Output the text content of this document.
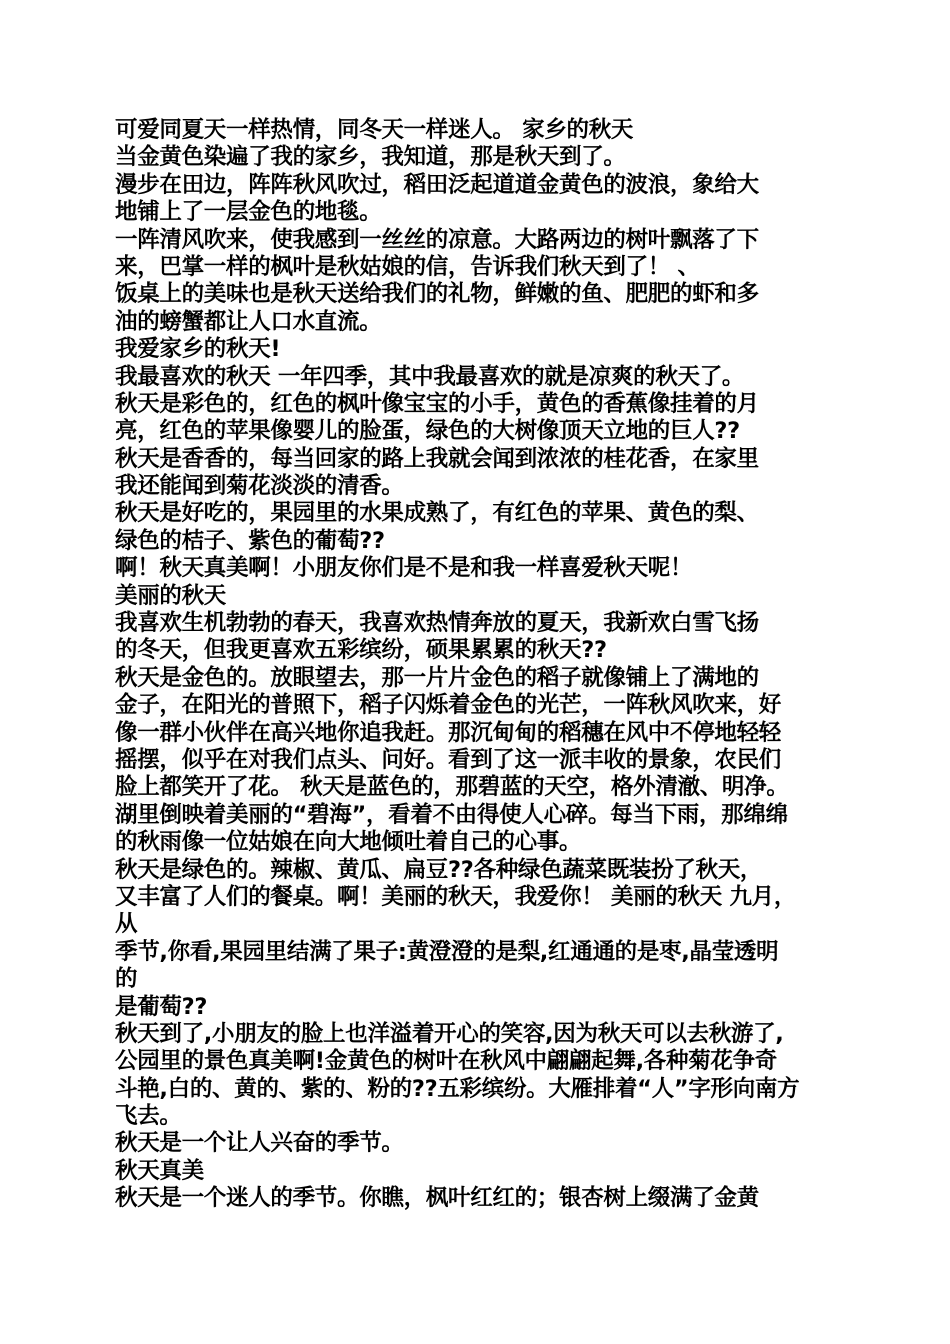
可爱同夏天一样热情，同冬天一样迷人。 家乡的秋天
当金黄色染遍了我的家乡，我知道，那是秋天到了。
漫步在田边，阵阵秋风吹过，稻田泛起道道金黄色的波浪，象给大
地铺上了一层金色的地毯。
一阵清风吹来，使我感到一丝丝的凉意。大路两边的树叶飘落了下
来，巴掌一样的枫叶是秋姑娘的信，告诉我们秋天到了！ 、
饭桌上的美味也是秋天送给我们的礼物，鲜嫩的鱼、肥肥的虾和多
油的螃蟹都让人口水直流。
我爱家乡的秋天!
我最喜欢的秋天 一年四季，其中我最喜欢的就是凉爽的秋天了。
秋天是彩色的，红色的枫叶像宝宝的小手，黄色的香蕉像挂着的月
亮，红色的苹果像婴儿的脸蛋，绿色的大树像顶天立地的巨人??
秋天是香香的，每当回家的路上我就会闻到浓浓的桂花香，在家里
我还能闻到菊花淡淡的清香。
秋天是好吃的，果园里的水果成熟了，有红色的苹果、黄色的梨、
绿色的桔子、紫色的葡萄??
啊！秋天真美啊！小朋友你们是不是和我一样喜爱秋天呢！
美丽的秋天
我喜欢生机勃勃的春天，我喜欢热情奔放的夏天，我新欢白雪飞扬
的冬天，但我更喜欢五彩缤纷，硕果累累的秋天??
秋天是金色的。放眼望去，那一片片金色的稻子就像铺上了满地的
金子，在阳光的普照下，稻子闪烁着金色的光芒，一阵秋风吹来，好
像一群小伙伴在高兴地你追我赶。那沉甸甸的稻穗在风中不停地轻轻
摇摆，似乎在对我们点头、问好。看到了这一派丰收的景象，农民们
脸上都笑开了花。 秋天是蓝色的，那碧蓝的天空，格外清澈、明净。
湖里倒映着美丽的“碧海”，看着不由得使人心碎。每当下雨，那绵绵
的秋雨像一位姑娘在向大地倾吐着自己的心事。
秋天是绿色的。辣椒、黄瓜、扁豆??各种绿色蔬菜既装扮了秋天，
又丰富了人们的餐桌。啊！美丽的秋天，我爱你！ 美丽的秋天 九月，
从
季节,你看,果园里结满了果子:黄澄澄的是梨,红通通的是枣,晶莹透明
的
是葡萄??
秋天到了,小朋友的脸上也洋溢着开心的笑容,因为秋天可以去秋游了,
公园里的景色真美啊!金黄色的树叶在秋风中翩翩起舞,各种菊花争奇
斗艳,白的、黄的、紫的、粉的??五彩缤纷。大雁排着“人”字形向南方
飞去。
秋天是一个让人兴奋的季节。
秋天真美
秋天是一个迷人的季节。你瞧，枫叶红红的；银杏树上缀满了金黄
